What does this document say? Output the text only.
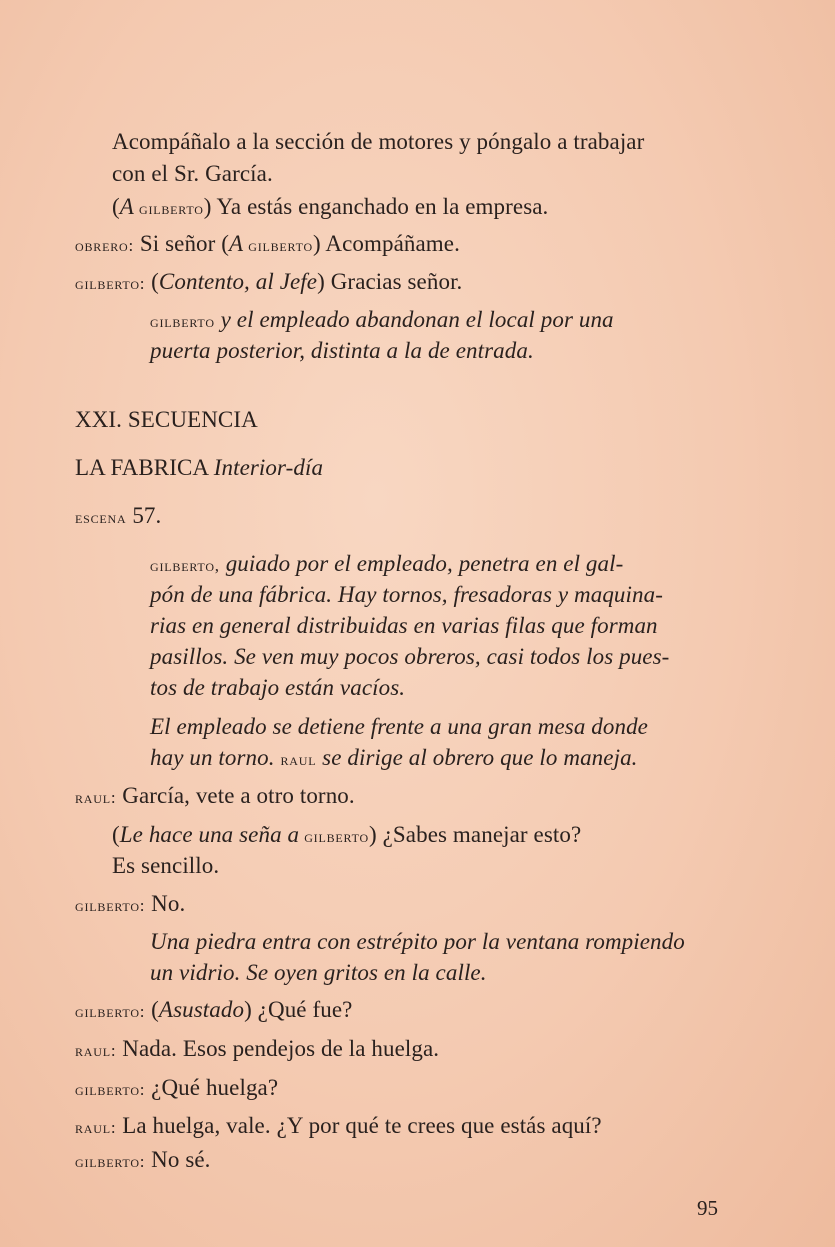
Acompáñalo a la sección de motores y póngalo a trabajar

con el Sr. García.

(A gilberto) Ya estás enganchado en la empresa.

obrero: Si señor (A gilberto) Acompáñame.

gilberto: (Contento, al Jefe) Gracias señor.

gilberto y el empleado abandonan el local por una

puerta posterior, distinta a la de entrada.

XXI. SECUENCIA

LA FABRICA Interior-día

escena 57.

gilberto, guiado por el empleado, penetra en el gal-

pón de una fábrica. Hay tornos, fresadoras y maquina-

rias en general distribuidas en varias filas que forman

pasillos. Se ven muy pocos obreros, casi todos los pues-

tos de trabajo están vacíos.

El empleado se detiene frente a una gran mesa donde

hay un torno. raul se dirige al obrero que lo maneja.

raul: García, vete a otro torno.

(Le hace una seña a gilberto) ¿Sabes manejar esto?

Es sencillo.

gilberto: No.

Una piedra entra con estrépito por la ventana rompiendo

un vidrio. Se oyen gritos en la calle.

gilberto: (Asustado) ¿Qué fue?

raul: Nada. Esos pendejos de la huelga.

gilberto: ¿Qué huelga?

raul: La huelga, vale. ¿Y por qué te crees que estás aquí?

gilberto: No sé.

95
